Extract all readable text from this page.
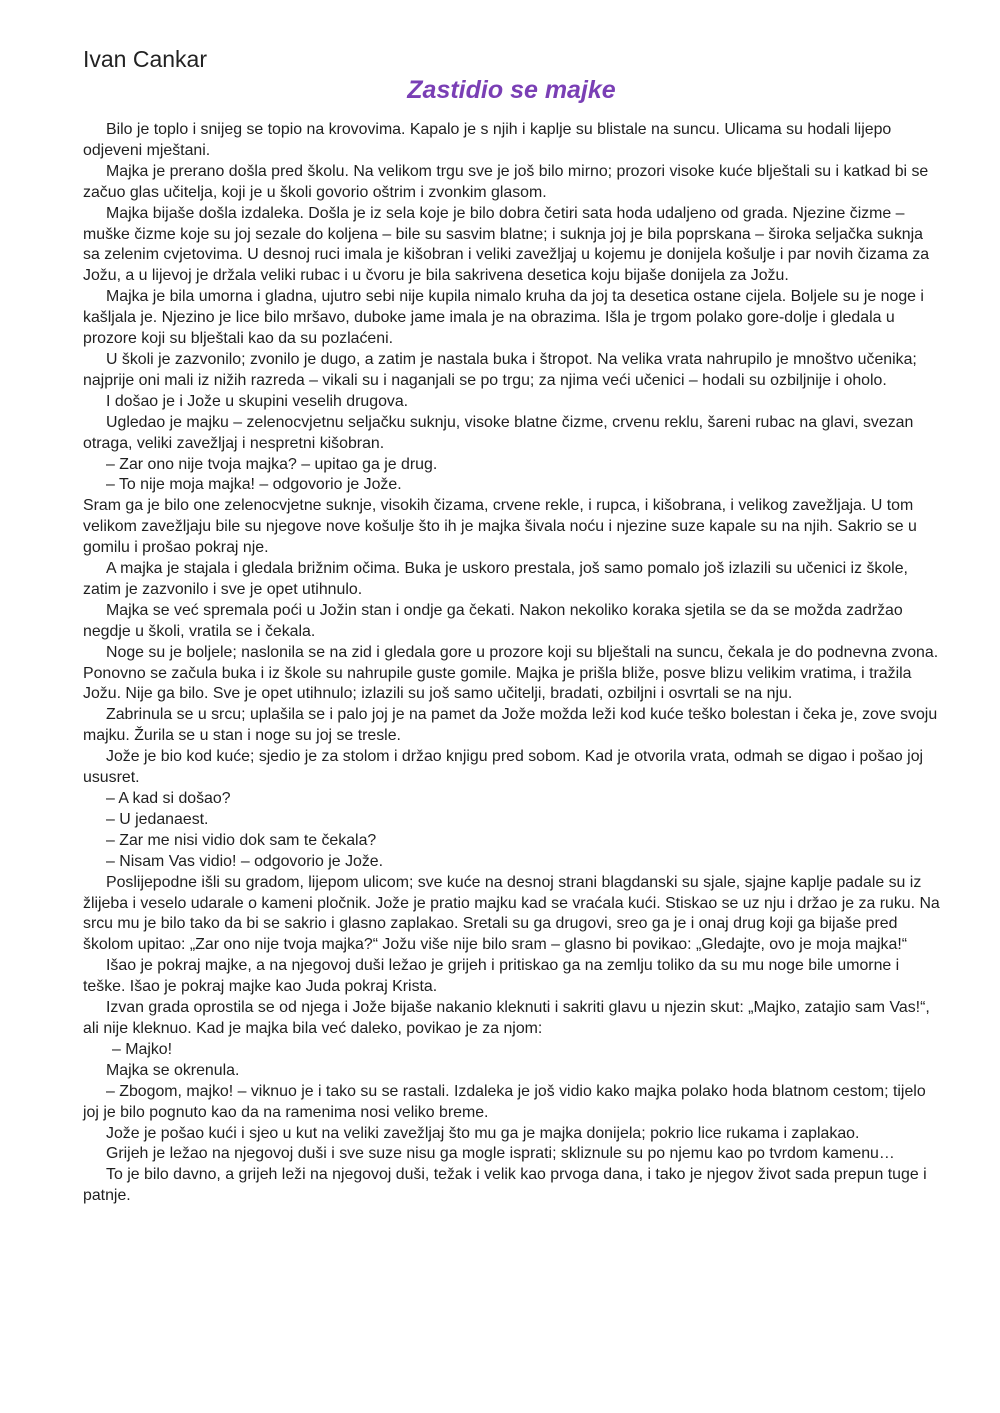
Ivan Cankar

Zastidio se majke

Bilo je toplo i snijeg se topio na krovovima. Kapalo je s njih i kaplje su blistale na suncu. Ulicama su hodali lijepo odjeveni mještani.

Majka je prerano došla pred školu. Na velikom trgu sve je još bilo mirno; prozori visoke kuće blještali su i katkad bi se začuo glas učitelja, koji je u školi govorio oštrim i zvonkim glasom.

Majka bijaše došla izdaleka. Došla je iz sela koje je bilo dobra četiri sata hoda udaljeno od grada. Njezine čizme – muške čizme koje su joj sezale do koljena – bile su sasvim blatne; i suknja joj je bila poprskana – široka seljačka suknja sa zelenim cvjetovima. U desnoj ruci imala je kišobran i veliki zavežljaj u kojemu je donijela košulje i par novih čizama za Jožu, a u lijevoj je držala veliki rubac i u čvoru je bila sakrivena desetica koju bijaše donijela za Jožu.

Majka je bila umorna i gladna, ujutro sebi nije kupila nimalo kruha da joj ta desetica ostane cijela. Boljele su je noge i kašljala je. Njezino je lice bilo mršavo, duboke jame imala je na obrazima. Išla je trgom polako gore-dolje i gledala u prozore koji su blještali kao da su pozlaćeni.

U školi je zazvonilo; zvonilo je dugo, a zatim je nastala buka i štropot. Na velika vrata nahrupilo je mnoštvo učenika; najprije oni mali iz nižih razreda – vikali su i naganjali se po trgu; za njima veći učenici – hodali su ozbiljnije i oholo.

I došao je i Jože u skupini veselih drugova.

Ugledao je majku – zelenocvjetnu seljačku suknju, visoke blatne čizme, crvenu reklu, šareni rubac na glavi, svezan otraga, veliki zavežljaj i nespretni kišobran.

– Zar ono nije tvoja majka? – upitao ga je drug.

– To nije moja majka! – odgovorio je Jože.

Sram ga je bilo one zelenocvjetne suknje, visokih čizama, crvene rekle, i rupca, i kišobrana, i velikog zavežljaja. U tom velikom zavežljaju bile su njegove nove košulje što ih je majka šivala noću i njezine suze kapale su na njih. Sakrio se u gomilu i prošao pokraj nje.

A majka je stajala i gledala brižnim očima. Buka je uskoro prestala, još samo pomalo još izlazili su učenici iz škole, zatim je zazvonilo i sve je opet utihnulo.

Majka se već spremala poći u Jožin stan i ondje ga čekati. Nakon nekoliko koraka sjetila se da se možda zadržao negdje u školi, vratila se i čekala.

Noge su je boljele; naslonila se na zid i gledala gore u prozore koji su blještali na suncu, čekala je do podnevna zvona. Ponovno se začula buka i iz škole su nahrupile guste gomile. Majka je prišla bliže, posve blizu velikim vratima, i tražila Jožu. Nije ga bilo. Sve je opet utihnulo; izlazili su još samo učitelji, bradati, ozbiljni i osvrtali se na nju.

Zabrinula se u srcu; uplašila se i palo joj je na pamet da Jože možda leži kod kuće teško bolestan i čeka je, zove svoju majku. Žurila se u stan i noge su joj se tresle.

Jože je bio kod kuće; sjedio je za stolom i držao knjigu pred sobom. Kad je otvorila vrata, odmah se digao i pošao joj ususret.

– A kad si došao?

– U jedanaest.

– Zar me nisi vidio dok sam te čekala?

– Nisam Vas vidio! – odgovorio je Jože.

Poslijepodne išli su gradom, lijepom ulicom; sve kuće na desnoj strani blagdanski su sjale, sjajne kaplje padale su iz žlijeba i veselo udarale o kameni pločnik. Jože je pratio majku kad se vraćala kući. Stiskao se uz nju i držao je za ruku. Na srcu mu je bilo tako da bi se sakrio i glasno zaplakao. Sretali su ga drugovi, sreo ga je i onaj drug koji ga bijaše pred školom upitao: „Zar ono nije tvoja majka?“ Jožu više nije bilo sram – glasno bi povikao: „Gledajte, ovo je moja majka!“

Išao je pokraj majke, a na njegovoj duši ležao je grijeh i pritiskao ga na zemlju toliko da su mu noge bile umorne i teške. Išao je pokraj majke kao Juda pokraj Krista.

Izvan grada oprostila se od njega i Jože bijaše nakanio kleknuti i sakriti glavu u njezin skut: „Majko, zatajio sam Vas!“, ali nije kleknuo. Kad je majka bila već daleko, povikao je za njom:

– Majko!

Majka se okrenula.

– Zbogom, majko! – viknuo je i tako su se rastali. Izdaleka je još vidio kako majka polako hoda blatnom cestom; tijelo joj je bilo pognuto kao da na ramenima nosi veliko breme.

Jože je pošao kući i sjeo u kut na veliki zavežljaj što mu ga je majka donijela; pokrio lice rukama i zaplakao.

Grijeh je ležao na njegovoj duši i sve suze nisu ga mogle isprati; skliznule su po njemu kao po tvrdom kamenu…

To je bilo davno, a grijeh leži na njegovoj duši, težak i velik kao prvoga dana, i tako je njegov život sada prepun tuge i patnje.
